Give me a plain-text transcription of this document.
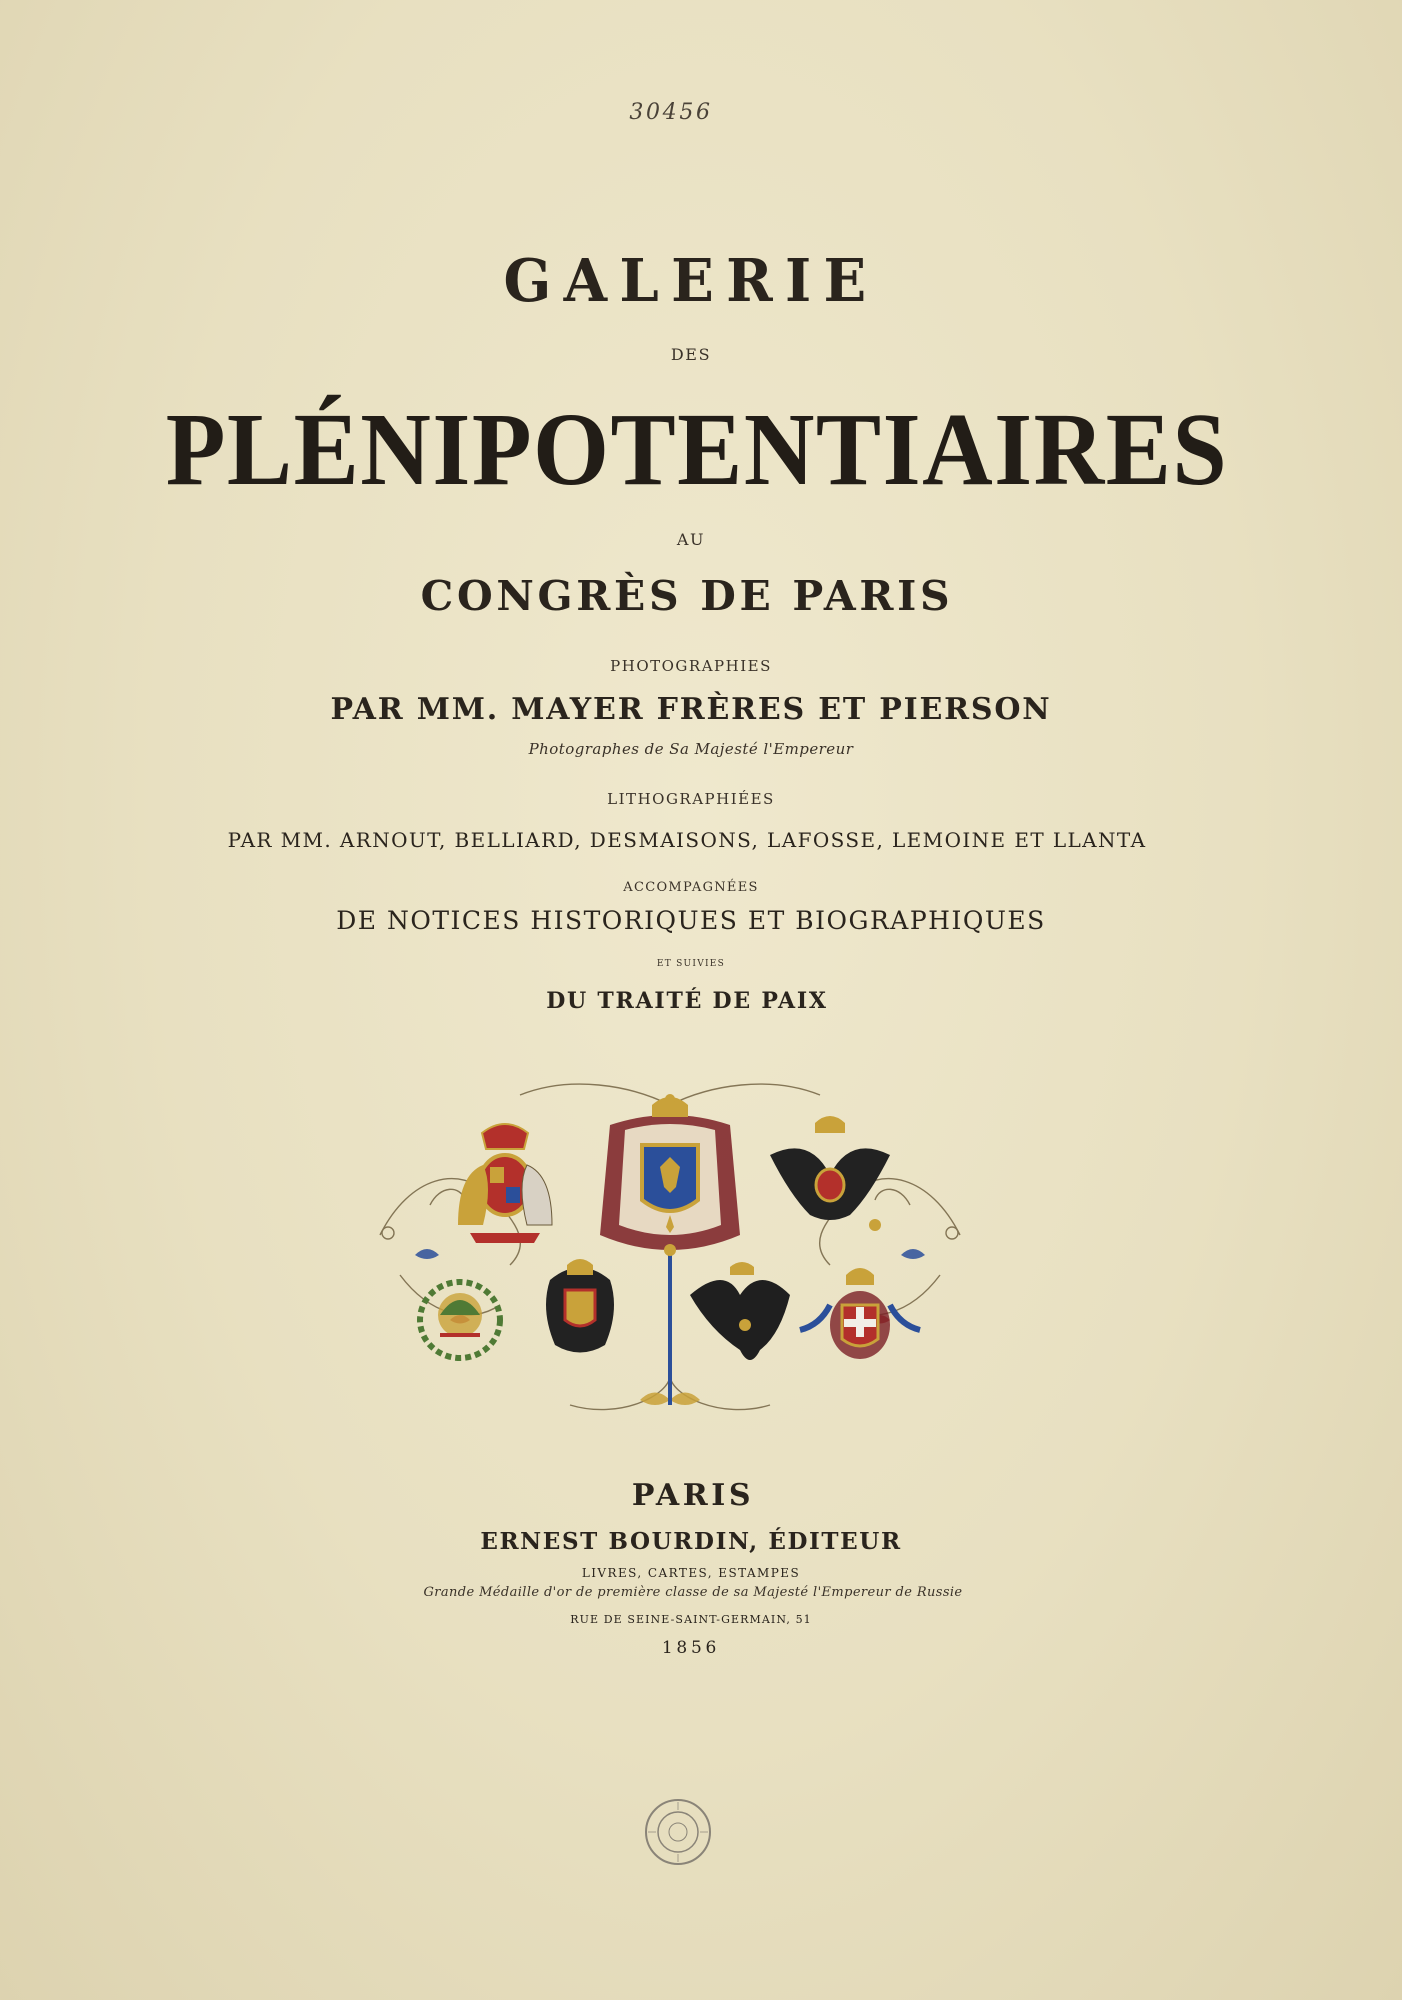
30456
GALERIE
DES
PLÉNIPOTENTIAIRES
AU
CONGRÈS DE PARIS
PHOTOGRAPHIES
PAR MM. MAYER FRÈRES ET PIERSON
Photographes de Sa Majesté l'Empereur
LITHOGRAPHIÉES
PAR MM. ARNOUT, BELLIARD, DESMAISONS, LAFOSSE, LEMOINE ET LLANTA
ACCOMPAGNÉES
DE NOTICES HISTORIQUES ET BIOGRAPHIQUES
ET SUIVIES
DU TRAITÉ DE PAIX
PARIS
ERNEST BOURDIN, ÉDITEUR
LIVRES, CARTES, ESTAMPES
Grande Médaille d'or de première classe de sa Majesté l'Empereur de Russie
RUE DE SEINE-SAINT-GERMAIN, 51
1856
